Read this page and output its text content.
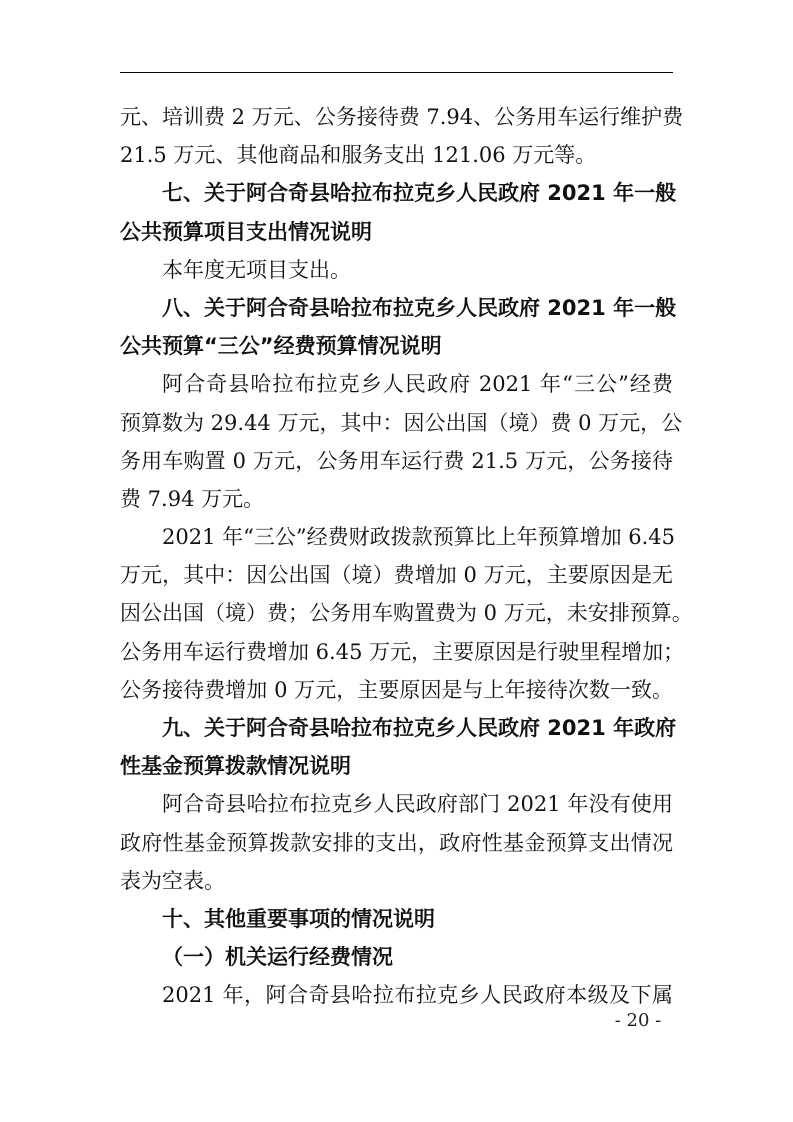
元、培训费 2 万元、公务接待费 7.94、公务用车运行维护费
21.5 万元、其他商品和服务支出 121.06 万元等。
七、关于阿合奇县哈拉布拉克乡人民政府 2021 年一般
公共预算项目支出情况说明
本年度无项目支出。
八、关于阿合奇县哈拉布拉克乡人民政府 2021 年一般
公共预算“三公”经费预算情况说明
阿合奇县哈拉布拉克乡人民政府 2021 年“三公”经费
预算数为 29.44 万元，其中：因公出国（境）费 0 万元，公
务用车购置 0 万元，公务用车运行费 21.5 万元，公务接待
费 7.94 万元。
2021 年“三公”经费财政拨款预算比上年预算增加 6.45
万元，其中：因公出国（境）费增加 0 万元，主要原因是无
因公出国（境）费；公务用车购置费为 0 万元，未安排预算。
公务用车运行费增加 6.45 万元，主要原因是行驶里程增加；
公务接待费增加 0 万元，主要原因是与上年接待次数一致。
九、关于阿合奇县哈拉布拉克乡人民政府 2021 年政府
性基金预算拨款情况说明
阿合奇县哈拉布拉克乡人民政府部门 2021 年没有使用
政府性基金预算拨款安排的支出，政府性基金预算支出情况
表为空表。
十、其他重要事项的情况说明
（一）机关运行经费情况
2021 年，阿合奇县哈拉布拉克乡人民政府本级及下属
- 20 -
